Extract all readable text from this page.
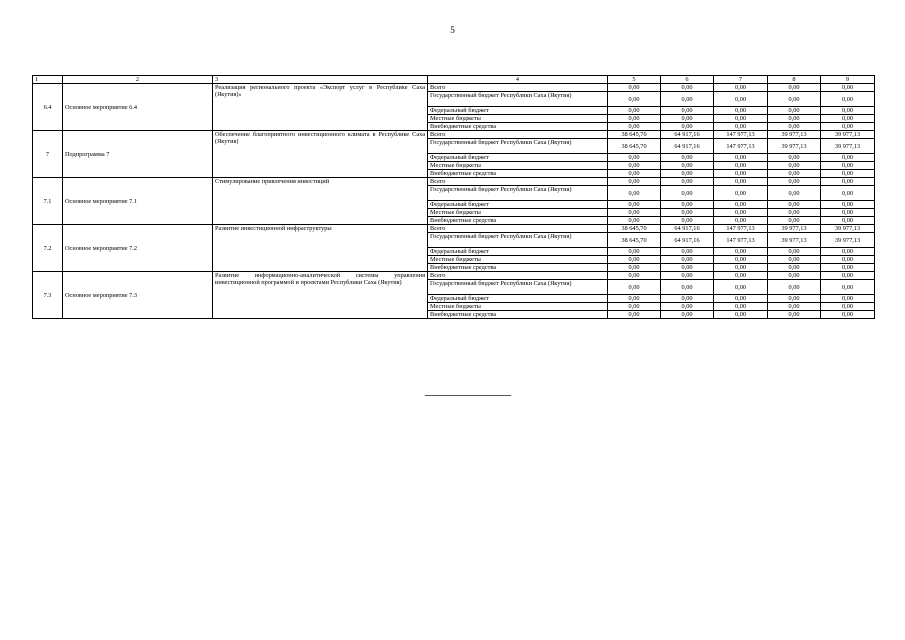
5
1	2	3	4	5	6	7	8	9
6.4	Основное мероприятие 6.4	Реализация регионального проекта «Экспорт услуг в Республике Саха (Якутия)»	Всего	0,00	0,00	0,00	0,00	0,00
			Государственный бюджет Республики Саха (Якутия)	0,00	0,00	0,00	0,00	0,00
			Федеральный бюджет	0,00	0,00	0,00	0,00	0,00
			Местные бюджеты	0,00	0,00	0,00	0,00	0,00
			Внебюджетные средства	0,00	0,00	0,00	0,00	0,00
7	Подпрограмма 7	Обеспечение благоприятного инвестиционного климата в Республике Саха (Якутия)	Всего	38 645,70	64 917,16	147 977,13	39 977,13	39 977,13
			Государственный бюджет Республики Саха (Якутия)	38 645,70	64 917,16	147 977,13	39 977,13	39 977,13
			Федеральный бюджет	0,00	0,00	0,00	0,00	0,00
			Местные бюджеты	0,00	0,00	0,00	0,00	0,00
			Внебюджетные средства	0,00	0,00	0,00	0,00	0,00
7.1	Основное мероприятие 7.1	Стимулирование привлечения инвестиций	Всего	0,00	0,00	0,00	0,00	0,00
			Государственный бюджет Республики Саха (Якутия)	0,00	0,00	0,00	0,00	0,00
			Федеральный бюджет	0,00	0,00	0,00	0,00	0,00
			Местные бюджеты	0,00	0,00	0,00	0,00	0,00
			Внебюджетные средства	0,00	0,00	0,00	0,00	0,00
7.2	Основное мероприятие 7.2	Развитие инвестиционной инфраструктуры	Всего	38 645,70	64 917,16	147 977,13	39 977,13	39 977,13
			Государственный бюджет Республики Саха (Якутия)	38 645,70	64 917,16	147 977,13	39 977,13	39 977,13
			Федеральный бюджет	0,00	0,00	0,00	0,00	0,00
			Местные бюджеты	0,00	0,00	0,00	0,00	0,00
			Внебюджетные средства	0,00	0,00	0,00	0,00	0,00
7.3	Основное мероприятие 7.3	Развитие информационно-аналитической системы управления инвестиционной программой и проектами Республики Саха (Якутия)	Всего	0,00	0,00	0,00	0,00	0,00
			Государственный бюджет Республики Саха (Якутия)	0,00	0,00	0,00	0,00	0,00
			Федеральный бюджет	0,00	0,00	0,00	0,00	0,00
			Местные бюджеты	0,00	0,00	0,00	0,00	0,00
			Внебюджетные средства	0,00	0,00	0,00	0,00	0,00
